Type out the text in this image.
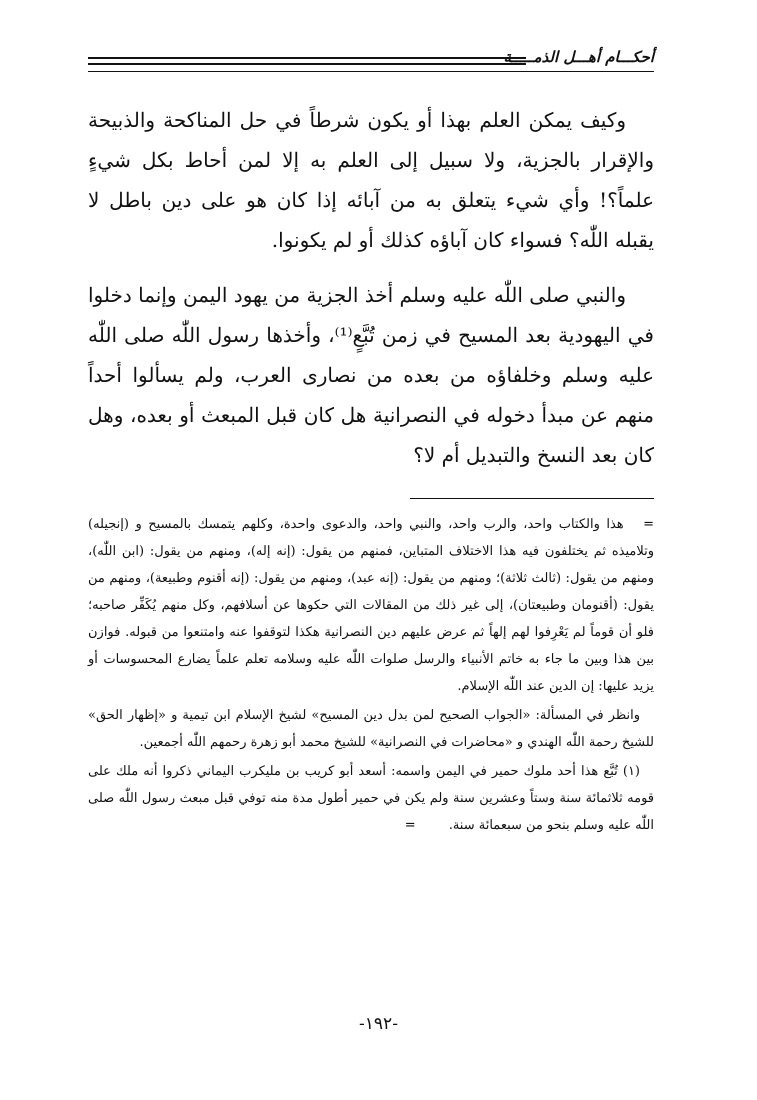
أحكـــام أهـــل الذمـــــة

وكيف يمكن العلم بهذا أو يكون شرطاً في حل المناكحة والذبيحة والإقرار بالجزية، ولا سبيل إلى العلم به إلا لمن أحاط بكل شيءٍ علماً؟! وأي شيء يتعلق به من آبائه إذا كان هو على دين باطل لا يقبله اللّٰه؟ فسواء كان آباؤه كذلك أو لم يكونوا.

والنبي صلى اللّٰه عليه وسلم أخذ الجزية من يهود اليمن وإنما دخلوا في اليهودية بعد المسيح في زمن تُبَّعٍ⁽¹⁾، وأخذها رسول اللّٰه صلى اللّٰه عليه وسلم وخلفاؤه من بعده من نصارى العرب، ولم يسألوا أحداً منهم عن مبدأ دخوله في النصرانية هل كان قبل المبعث أو بعده، وهل كان بعد النسخ والتبديل أم لا؟

=   هذا والكتاب واحد، والرب واحد، والنبي واحد، والدعوى واحدة، وكلهم يتمسك بالمسيح و (إنجيله) وتلاميذه ثم يختلفون فيه هذا الاختلاف المتباين، فمنهم من يقول: (إنه إله)، ومنهم من يقول: (ابن اللّٰه)، ومنهم من يقول: (ثالث ثلاثة)؛ ومنهم من يقول: (إنه عبد)، ومنهم من يقول: (إنه أقنوم وطبيعة)، ومنهم من يقول: (أقنومان وطبيعتان)، إلى غير ذلك من المقالات التي حكوها عن أسلافهم، وكل منهم يُكَفِّر صاحبه؛ فلو أن قوماً لم يَعْرِفوا لهم إلهاً ثم عرض عليهم دين النصرانية هكذا لتوقفوا عنه وامتنعوا من قبوله. فوازن بين هذا وبين ما جاء به خاتم الأنبياء والرسل صلوات اللّٰه عليه وسلامه تعلم علماً يضارع المحسوسات أو يزيد عليها: إن الدين عند اللّٰه الإسلام.

وانظر في المسألة: «الجواب الصحيح لمن بدل دين المسيح» لشيخ الإسلام ابن تيمية و «إظهار الحق» للشيخ رحمة اللّٰه الهندي و «محاضرات في النصرانية» للشيخ محمد أبو زهرة رحمهم اللّٰه أجمعين.

(١) تُبَّع هذا أحد ملوك حمير في اليمن واسمه: أسعد أبو كريب بن مليكرب اليماني ذكروا أنه ملك على قومه ثلاثمائة سنة وستاً وعشرين سنة ولم يكن في حمير أطول مدة منه توفي قبل مبعث رسول اللّٰه صلى اللّٰه عليه وسلم بنحو من سبعمائة سنة.        =

-١٩٢-
